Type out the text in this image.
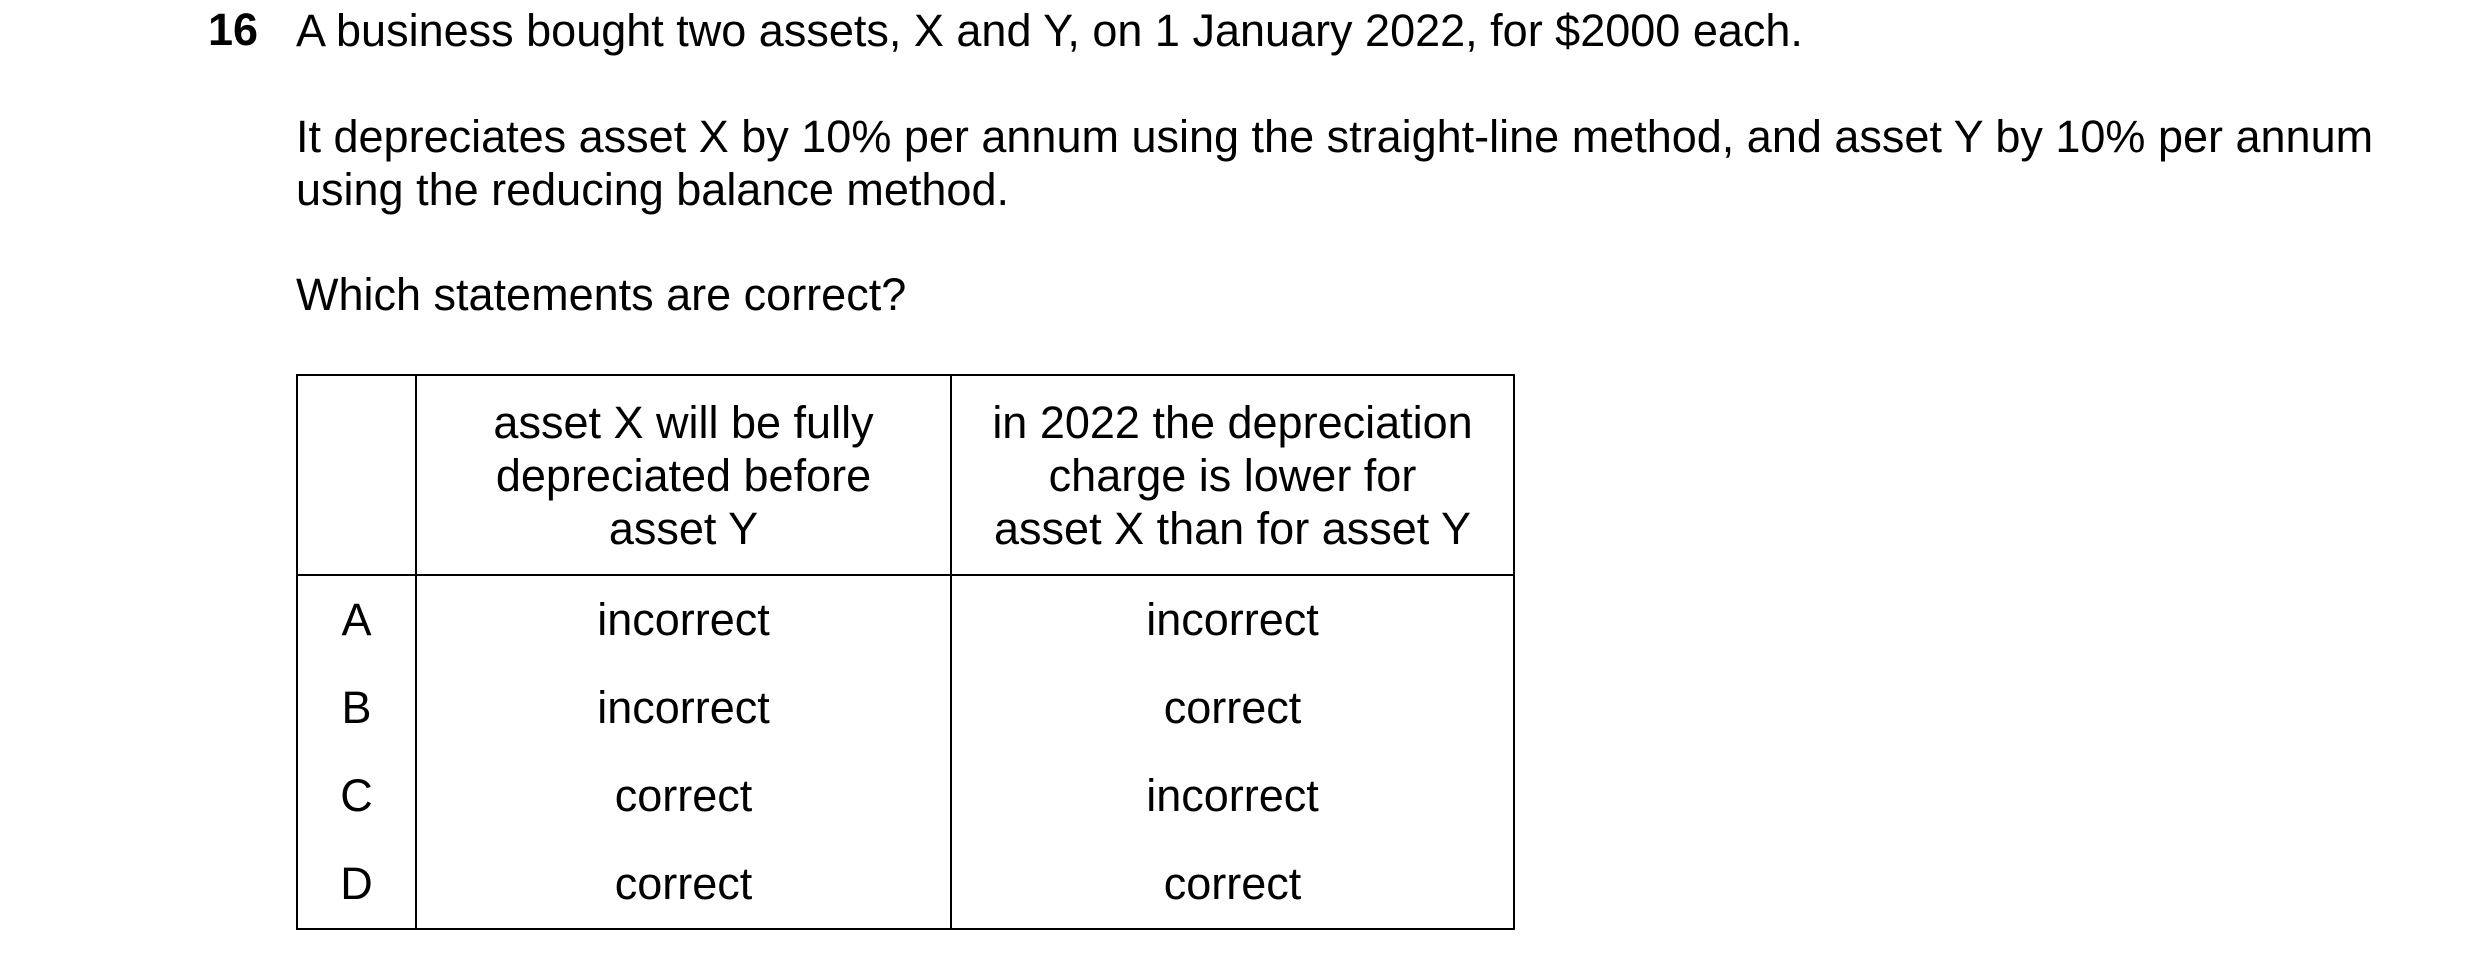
16 A business bought two assets, X and Y, on 1 January 2022, for $2000 each.
It depreciates asset X by 10% per annum using the straight-line method, and asset Y by 10% per annum using the reducing balance method.
Which statements are correct?

	asset X will be fully
depreciated before
asset Y	in 2022 the depreciation
charge is lower for
asset X than for asset Y

A	incorrect	incorrect
B	incorrect	correct
C	correct	incorrect
D	correct	correct
